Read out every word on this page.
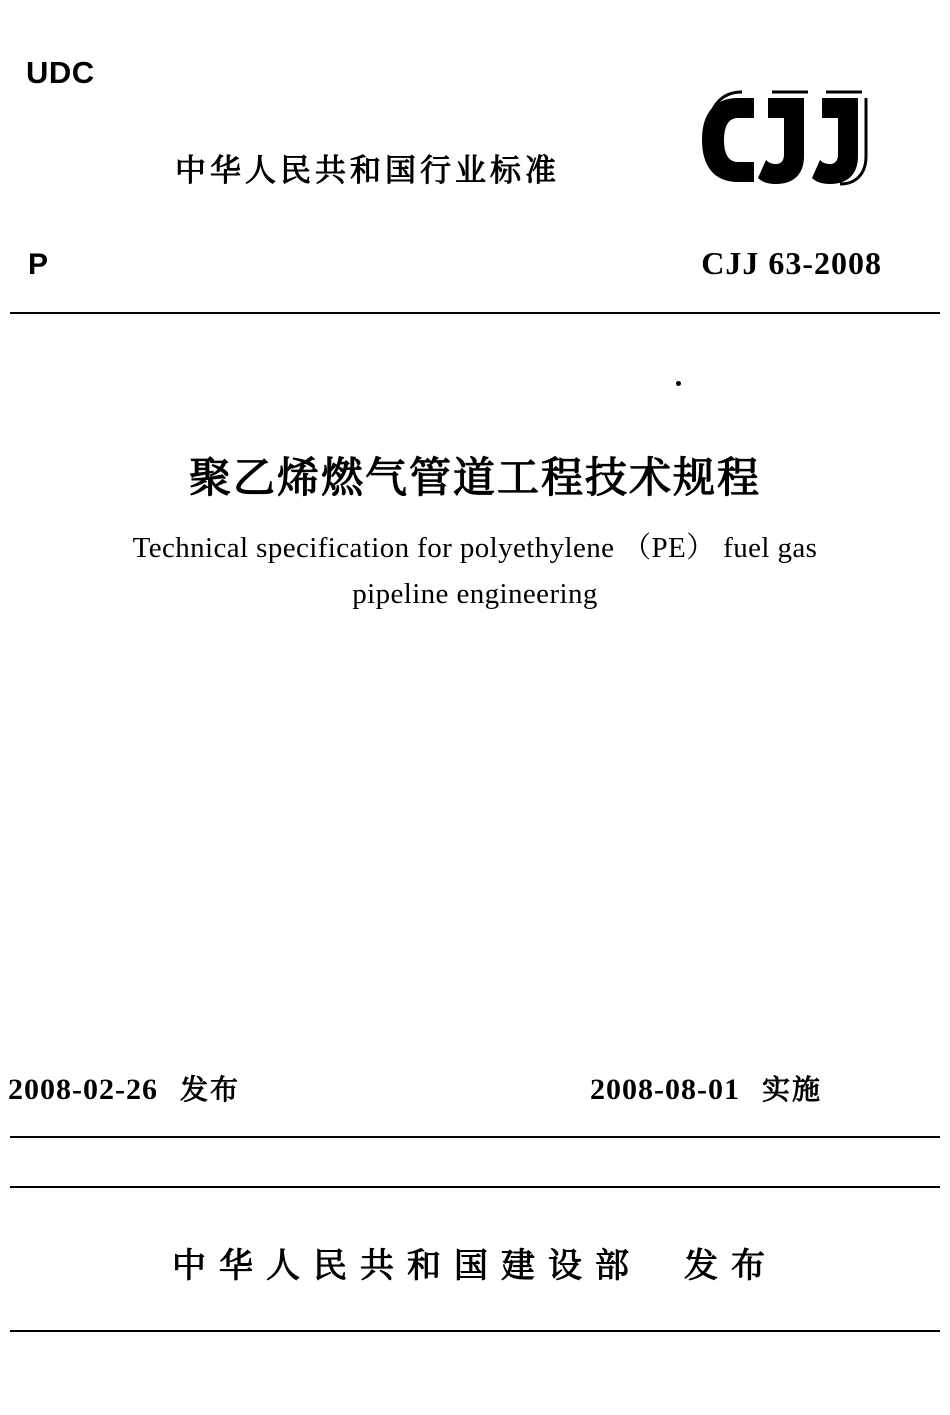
UDC
中华人民共和国行业标准
P	CJJ 63-2008
聚乙烯燃气管道工程技术规程
Technical specification for polyethylene （PE） fuel gas
pipeline engineering
2008-02-26 发布	2008-08-01 实施
中华人民共和国建设部 发布
